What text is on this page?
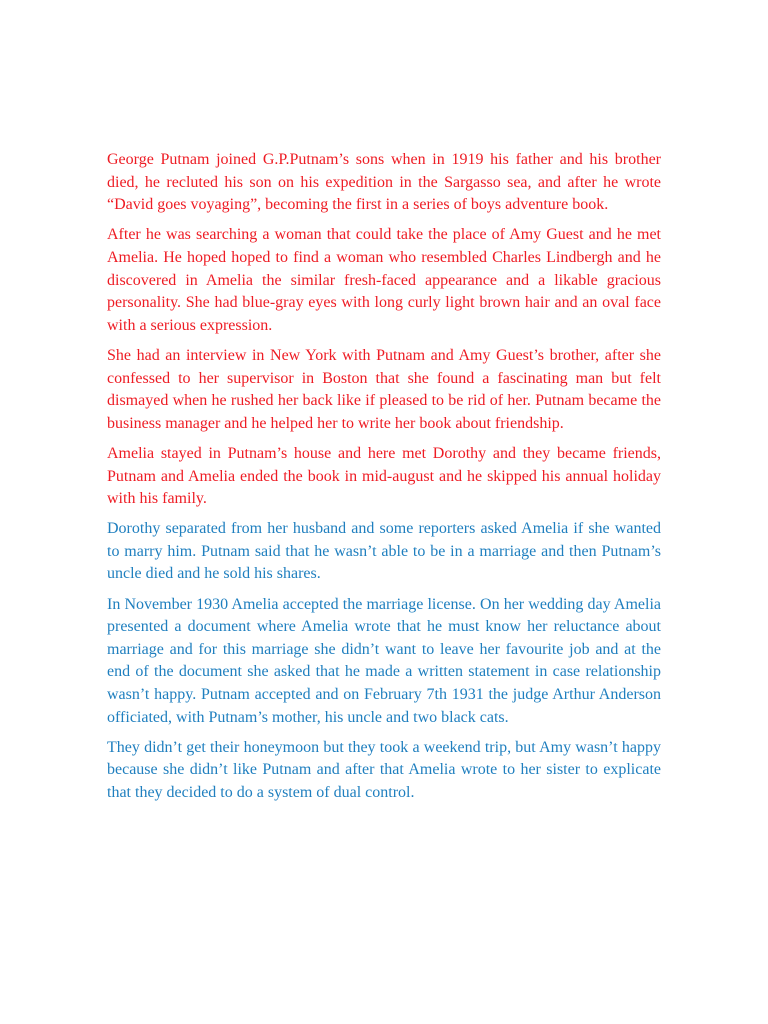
George Putnam joined G.P.Putnam’s sons when in 1919 his father and his brother died, he recluted his son on his expedition in the Sargasso sea, and after he wrote “David goes voyaging”, becoming the first in a series of boys adventure book.

After he was searching a woman that could take the place of Amy Guest and he met Amelia. He hoped hoped to find a woman who resembled Charles Lindbergh and he discovered in Amelia the similar fresh-faced appearance and a likable gracious personality. She had blue-gray eyes with long curly light brown hair and an oval face with a serious expression.

She had an interview in New York with Putnam and Amy Guest’s brother, after she confessed to her supervisor in Boston that she found a fascinating man but felt dismayed when he rushed her back like if pleased to be rid of her. Putnam became the business manager and he helped her to write her book about friendship.

Amelia stayed in Putnam’s house and here met Dorothy and they became friends, Putnam and Amelia ended the book in mid-august and he skipped his annual holiday with his family.

Dorothy separated from her husband and some reporters asked Amelia if she wanted to marry him. Putnam said that he wasn’t able to be in a marriage and then Putnam’s uncle died and he sold his shares.

In November 1930 Amelia accepted the marriage license. On her wedding day Amelia presented a document where Amelia wrote that he must know her reluctance about marriage and for this marriage she didn’t want to leave her favourite job and at the end of the document she asked that he made a written statement in case relationship wasn’t happy. Putnam accepted and on February 7th 1931 the judge Arthur Anderson officiated, with Putnam’s mother, his uncle and two black cats.

They didn’t get their honeymoon but they took a weekend trip, but Amy wasn’t happy because she didn’t like Putnam and after that Amelia wrote to her sister to explicate that they decided to do a system of dual control.
